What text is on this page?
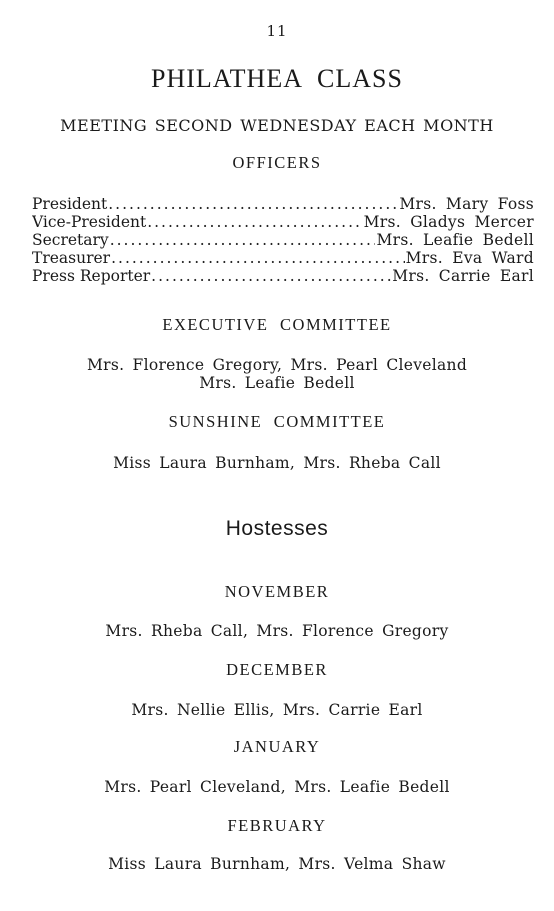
11
PHILATHEA CLASS
MEETING SECOND WEDNESDAY EACH MONTH
OFFICERS
President .....	Mrs. Mary Foss
Vice-President .....	Mrs. Gladys Mercer
Secretary .....	Mrs. Leafie Bedell
Treasurer .....	Mrs. Eva Ward
Press Reporter .....	Mrs. Carrie Earl
EXECUTIVE COMMITTEE
Mrs. Florence Gregory, Mrs. Pearl Cleveland
Mrs. Leafie Bedell
SUNSHINE COMMITTEE
Miss Laura Burnham, Mrs. Rheba Call
Hostesses
NOVEMBER
Mrs. Rheba Call, Mrs. Florence Gregory
DECEMBER
Mrs. Nellie Ellis, Mrs. Carrie Earl
JANUARY
Mrs. Pearl Cleveland, Mrs. Leafie Bedell
FEBRUARY
Miss Laura Burnham, Mrs. Velma Shaw
